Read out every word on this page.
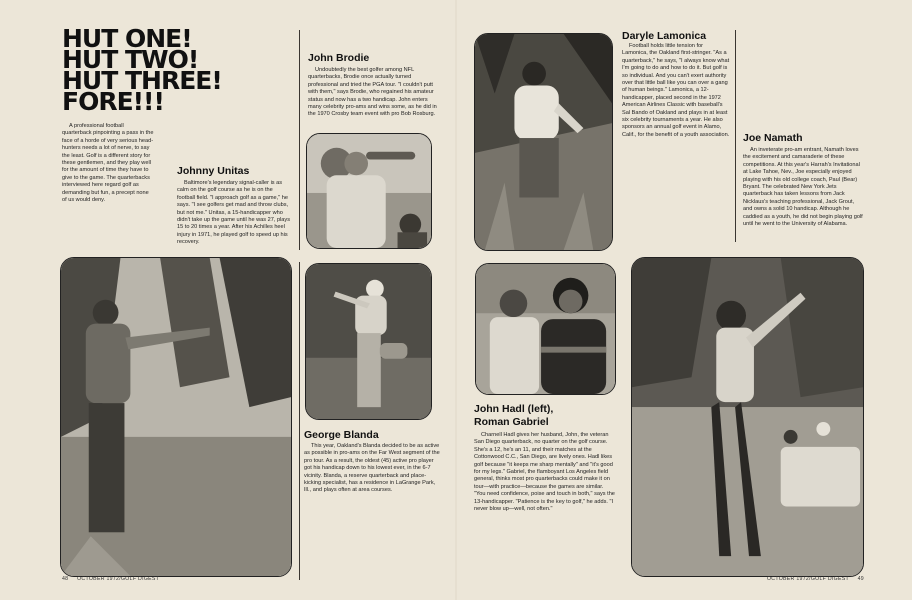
HUT ONE!
HUT TWO!
HUT THREE!
FORE!!!
A professional football quarterback pinpointing a pass in the face of a horde of very serious head-hunters needs a lot of nerve, to say the least. Golf is a different story for these gentlemen, and they play well for the amount of time they have to give to the game. The quarterbacks interviewed here regard golf as demanding but fun, a precept none of us would deny.
Johnny Unitas
Baltimore's legendary signal-caller is as calm on the golf course as he is on the football field. "I approach golf as a game," he says. "I see golfers get mad and throw clubs, but not me." Unitas, a 15-handicapper who didn't take up the game until he was 27, plays 15 to 20 times a year. After his Achilles heel injury in 1971, he played golf to speed up his recovery.
John Brodie
Undoubtedly the best golfer among NFL quarterbacks, Brodie once actually turned professional and tried the PGA tour. "I couldn't putt with them," says Brodie, who regained his amateur status and now has a two handicap. John enters many celebrity pro-ams and wins some, as he did in the 1970 Crosby team event with pro Bob Rosburg.
Daryle Lamonica
Football holds little tension for Lamonica, the Oakland first-stringer. "As a quarterback," he says, "I always know what I'm going to do and how to do it. But golf is so individual. And you can't exert authority over that little ball like you can over a gang of human beings." Lamonica, a 12-handicapper, placed second in the 1972 American Airlines Classic with baseball's Sal Bando of Oakland and plays in at least six celebrity tournaments a year. He also sponsors an annual golf event in Alamo, Calif., for the benefit of a youth association. Joe Namath
An inveterate pro-am entrant, Namath loves the excitement and camaraderie of these competitions. At this year's Harrah's Invitational at Lake Tahoe, Nev., Joe especially enjoyed playing with his old college coach, Paul (Bear) Bryant. The celebrated New York Jets quarterback has taken lessons from Jack Nicklaus's teaching professional, Jack Grout, and owns a solid 10 handicap. Although he caddied as a youth, he did not begin playing golf until he went to the University of Alabama.
George Blanda
This year, Oakland's Blanda decided to be as active as possible in pro-ams on the Far West segment of the pro tour. As a result, the oldest (45) active pro player got his handicap down to his lowest ever, in the 6-7 vicinity. Blanda, a reserve quarterback and place-kicking specialist, has a residence in LaGrange Park, Ill., and plays often at area courses.
John Hadl (left),
Roman Gabriel
Charnell Hadl gives her husband, John, the veteran San Diego quarterback, no quarter on the golf course. She's a 12, he's an 11, and their matches at the Cottonwood C.C., San Diego, are lively ones. Hadl likes golf because "it keeps me sharp mentally" and "it's good for my legs." Gabriel, the flamboyant Los Angeles field general, thinks most pro quarterbacks could make it on tour—with practice—because the games are similar. "You need confidence, poise and touch in both," says the 13-handicapper. "Patience is the key to golf," he adds. "I never blow up—well, not often."
48 OCTOBER 1972/GOLF DIGEST	OCTOBER 1972/GOLF DIGEST 49
